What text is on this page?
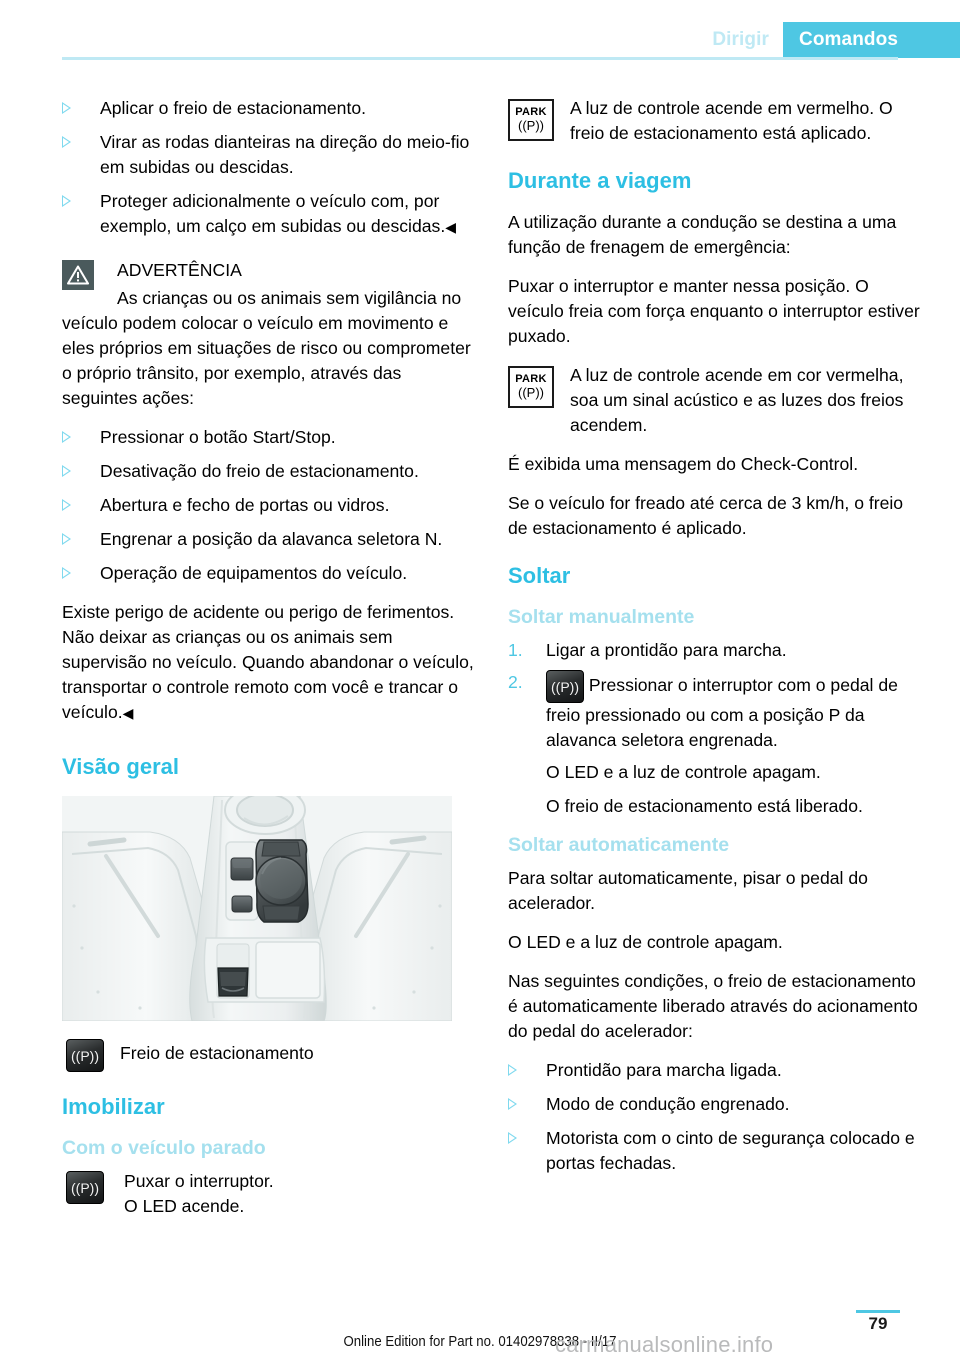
Dirigir	Comandos
Aplicar o freio de estacionamento.
Virar as rodas dianteiras na direção do meio-fio em subidas ou descidas.
Proteger adicionalmente o veículo com, por exemplo, um calço em subidas ou descidas.◀

ADVERTÊNCIA

As crianças ou os animais sem vigilância no veículo podem colocar o veículo em movimento e eles próprios em situações de risco ou comprometer o próprio trânsito, por exemplo, através das seguintes ações:

Pressionar o botão Start/Stop.
Desativação do freio de estacionamento.
Abertura e fecho de portas ou vidros.
Engrenar a posição da alavanca seletora N.
Operação de equipamentos do veículo.

Existe perigo de acidente ou perigo de ferimentos. Não deixar as crianças ou os animais sem supervisão no veículo. Quando abandonar o veículo, transportar o controle remoto com você e trancar o veículo.◀

Visão geral
((P)) Freio de estacionamento

Imobilizar
Com o veículo parado
((P)) Puxar o interruptor.

O LED acende.

PARK
((P))

A luz de controle acende em vermelho. O freio de estacionamento está aplicado.

Durante a viagem

A utilização durante a condução se destina a uma função de frenagem de emergência:

Puxar o interruptor e manter nessa posição. O veículo freia com força enquanto o interruptor estiver puxado.

PARK
((P))

A luz de controle acende em cor vermelha, soa um sinal acústico e as luzes dos freios acendem.

É exibida uma mensagem do Check-Control.

Se o veículo for freado até cerca de 3 km/h, o freio de estacionamento é aplicado.

Soltar
Soltar manualmente
1. Ligar a prontidão para marcha.
2. ((P)) Pressionar o interruptor com o pedal de freio pressionado ou com a posição P da alavanca seletora engrenada.

O LED e a luz de controle apagam.

O freio de estacionamento está liberado.

Soltar automaticamente

Para soltar automaticamente, pisar o pedal do acelerador.

O LED e a luz de controle apagam.

Nas seguintes condições, o freio de estacionamento é automaticamente liberado através do acionamento do pedal do acelerador:

Prontidão para marcha ligada.
Modo de condução engrenado.
Motorista com o cinto de segurança colocado e portas fechadas.
79
Online Edition for Part no. 01402978838 - II/17
carmanualsonline.info
